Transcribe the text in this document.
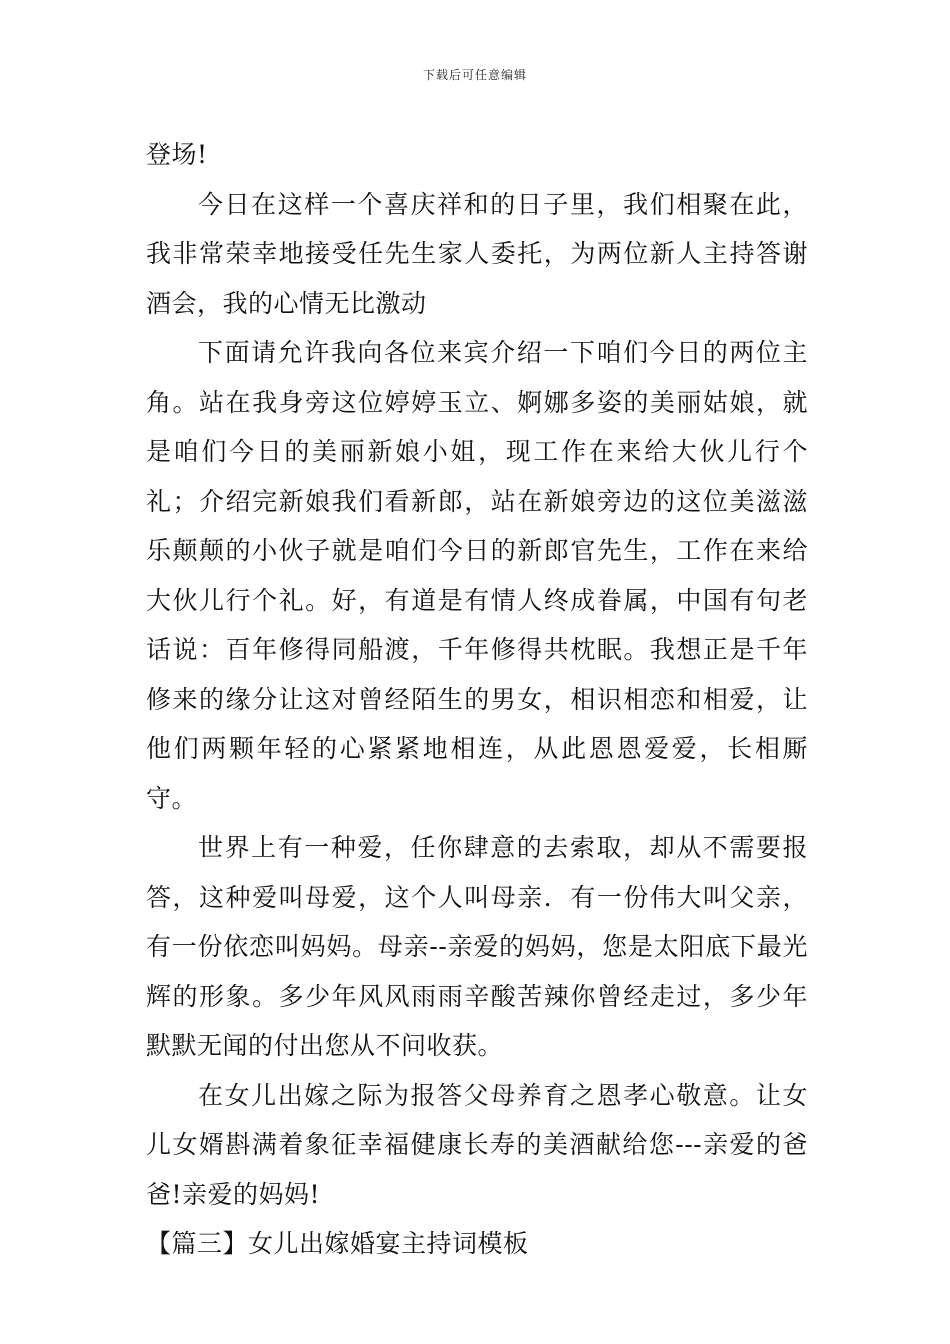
下载后可任意编辑

登场!

今日在这样一个喜庆祥和的日子里，我们相聚在此，我非常荣幸地接受任先生家人委托，为两位新人主持答谢酒会，我的心情无比激动

下面请允许我向各位来宾介绍一下咱们今日的两位主角。站在我身旁这位婷婷玉立、婀娜多姿的美丽姑娘，就是咱们今日的美丽新娘小姐，现工作在来给大伙儿行个礼；介绍完新娘我们看新郎，站在新娘旁边的这位美滋滋乐颠颠的小伙子就是咱们今日的新郎官先生，工作在来给大伙儿行个礼。好，有道是有情人终成眷属，中国有句老话说：百年修得同船渡，千年修得共枕眠。我想正是千年修来的缘分让这对曾经陌生的男女，相识相恋和相爱，让他们两颗年轻的心紧紧地相连，从此恩恩爱爱，长相厮守。

世界上有一种爱，任你肆意的去索取，却从不需要报答，这种爱叫母爱，这个人叫母亲．有一份伟大叫父亲，有一份依恋叫妈妈。母亲--亲爱的妈妈，您是太阳底下最光辉的形象。多少年风风雨雨辛酸苦辣你曾经走过，多少年默默无闻的付出您从不问收获。

在女儿出嫁之际为报答父母养育之恩孝心敬意。让女儿女婿斟满着象征幸福健康长寿的美酒献给您---亲爱的爸爸!亲爱的妈妈!

【篇三】女儿出嫁婚宴主持词模板
